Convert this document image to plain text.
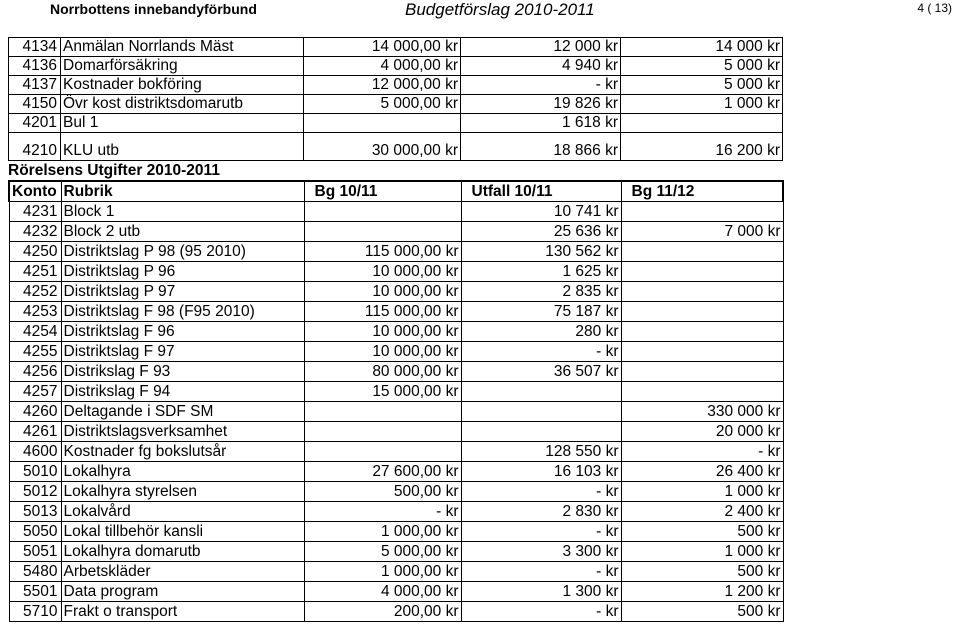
Norrbottens innebandyförbund	Budgetförslag 2010-2011	4 ( 13)
4134	Anmälan Norrlands Mäst	14 000,00 kr	12 000 kr	14 000 kr
4136	Domarförsäkring	4 000,00 kr	4 940 kr	5 000 kr
4137	Kostnader bokföring	12 000,00 kr	- kr	5 000 kr
4150	Övr kost distriktsdomarutb	5 000,00 kr	19 826 kr	1 000 kr
4201	Bul 1		1 618 kr	

4210	KLU utb	30 000,00 kr	18 866 kr	16 200 kr
Rörelsens Utgifter 2010-2011
Konto	Rubrik	Bg 10/11	Utfall 10/11	Bg 11/12
4231	Block 1		10 741 kr	
4232	Block 2 utb		25 636 kr	7 000 kr
4250	Distriktslag P 98 (95 2010)	115 000,00 kr	130 562 kr	
4251	Distriktslag P 96	10 000,00 kr	1 625 kr	
4252	Distriktslag P 97	10 000,00 kr	2 835 kr	
4253	Distriktslag F 98 (F95 2010)	115 000,00 kr	75 187 kr	
4254	Distriktslag F 96	10 000,00 kr	280 kr	
4255	Distriktslag F 97	10 000,00 kr	- kr	
4256	Distrikslag F 93	80 000,00 kr	36 507 kr	
4257	Distrikslag F 94	15 000,00 kr		
4260	Deltagande i SDF SM			330 000 kr
4261	Distriktslagsverksamhet			20 000 kr
4600	Kostnader fg bokslutsår		128 550 kr	- kr
5010	Lokalhyra	27 600,00 kr	16 103 kr	26 400 kr
5012	Lokalhyra styrelsen	500,00 kr	- kr	1 000 kr
5013	Lokalvård	- kr	2 830 kr	2 400 kr
5050	Lokal tillbehör kansli	1 000,00 kr	- kr	500 kr
5051	Lokalhyra domarutb	5 000,00 kr	3 300 kr	1 000 kr
5480	Arbetskläder	1 000,00 kr	- kr	500 kr
5501	Data program	4 000,00 kr	1 300 kr	1 200 kr
5710	Frakt o transport	200,00 kr	- kr	500 kr
